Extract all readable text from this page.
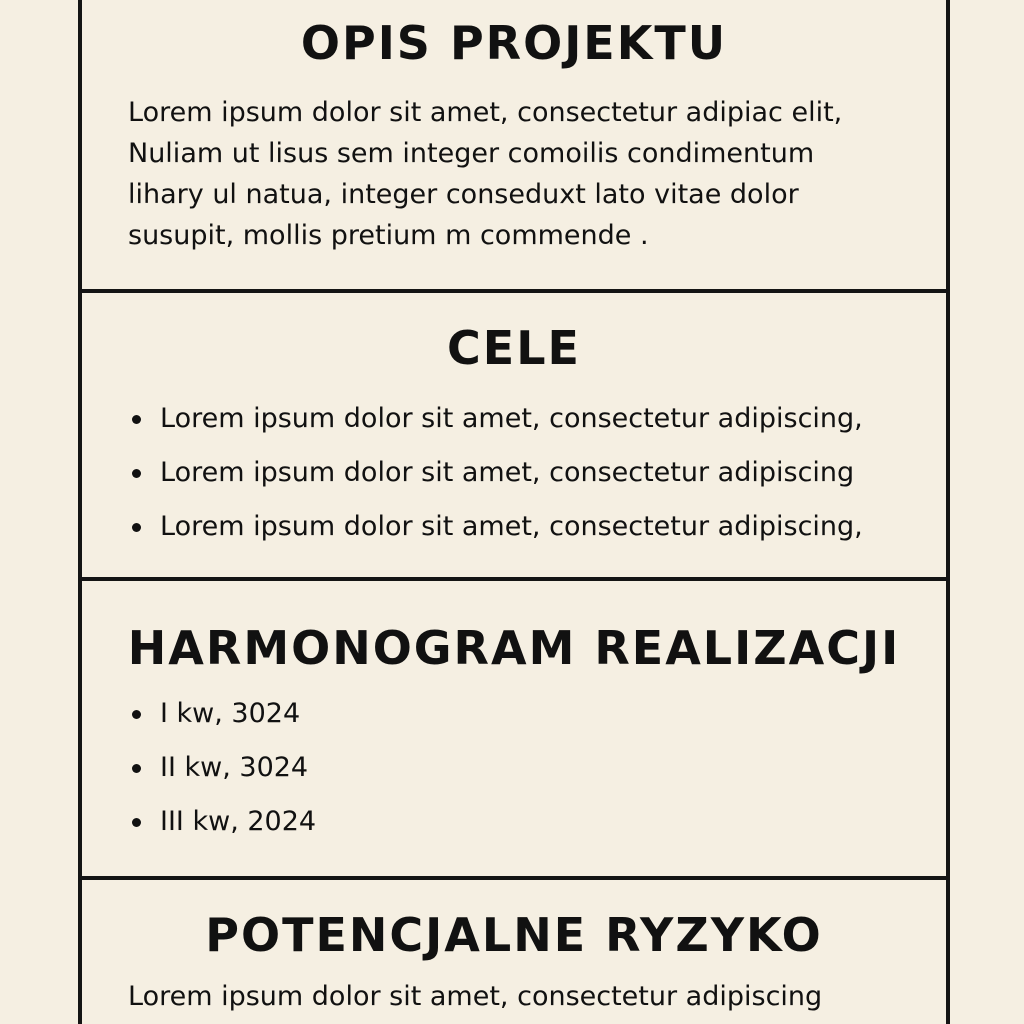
OPIS PROJEKTU

Lorem ipsum dolor sit amet, consectetur adipiac elit,
Nuliam ut lisus sem integer comoilis condimentum
lihary ul natua, integer conseduxt lato vitae dolor
susupit, mollis pretium m commende .

CELE
Lorem ipsum dolor sit amet, consectetur adipiscing,
Lorem ipsum dolor sit amet, consectetur adipiscing
Lorem ipsum dolor sit amet, consectetur adipiscing,
HARMONOGRAM REALIZACJI
I kw, 3024
II kw, 3024
III kw, 2024
POTENCJALNE RYZYKO

Lorem ipsum dolor sit amet, consectetur adipiscing
